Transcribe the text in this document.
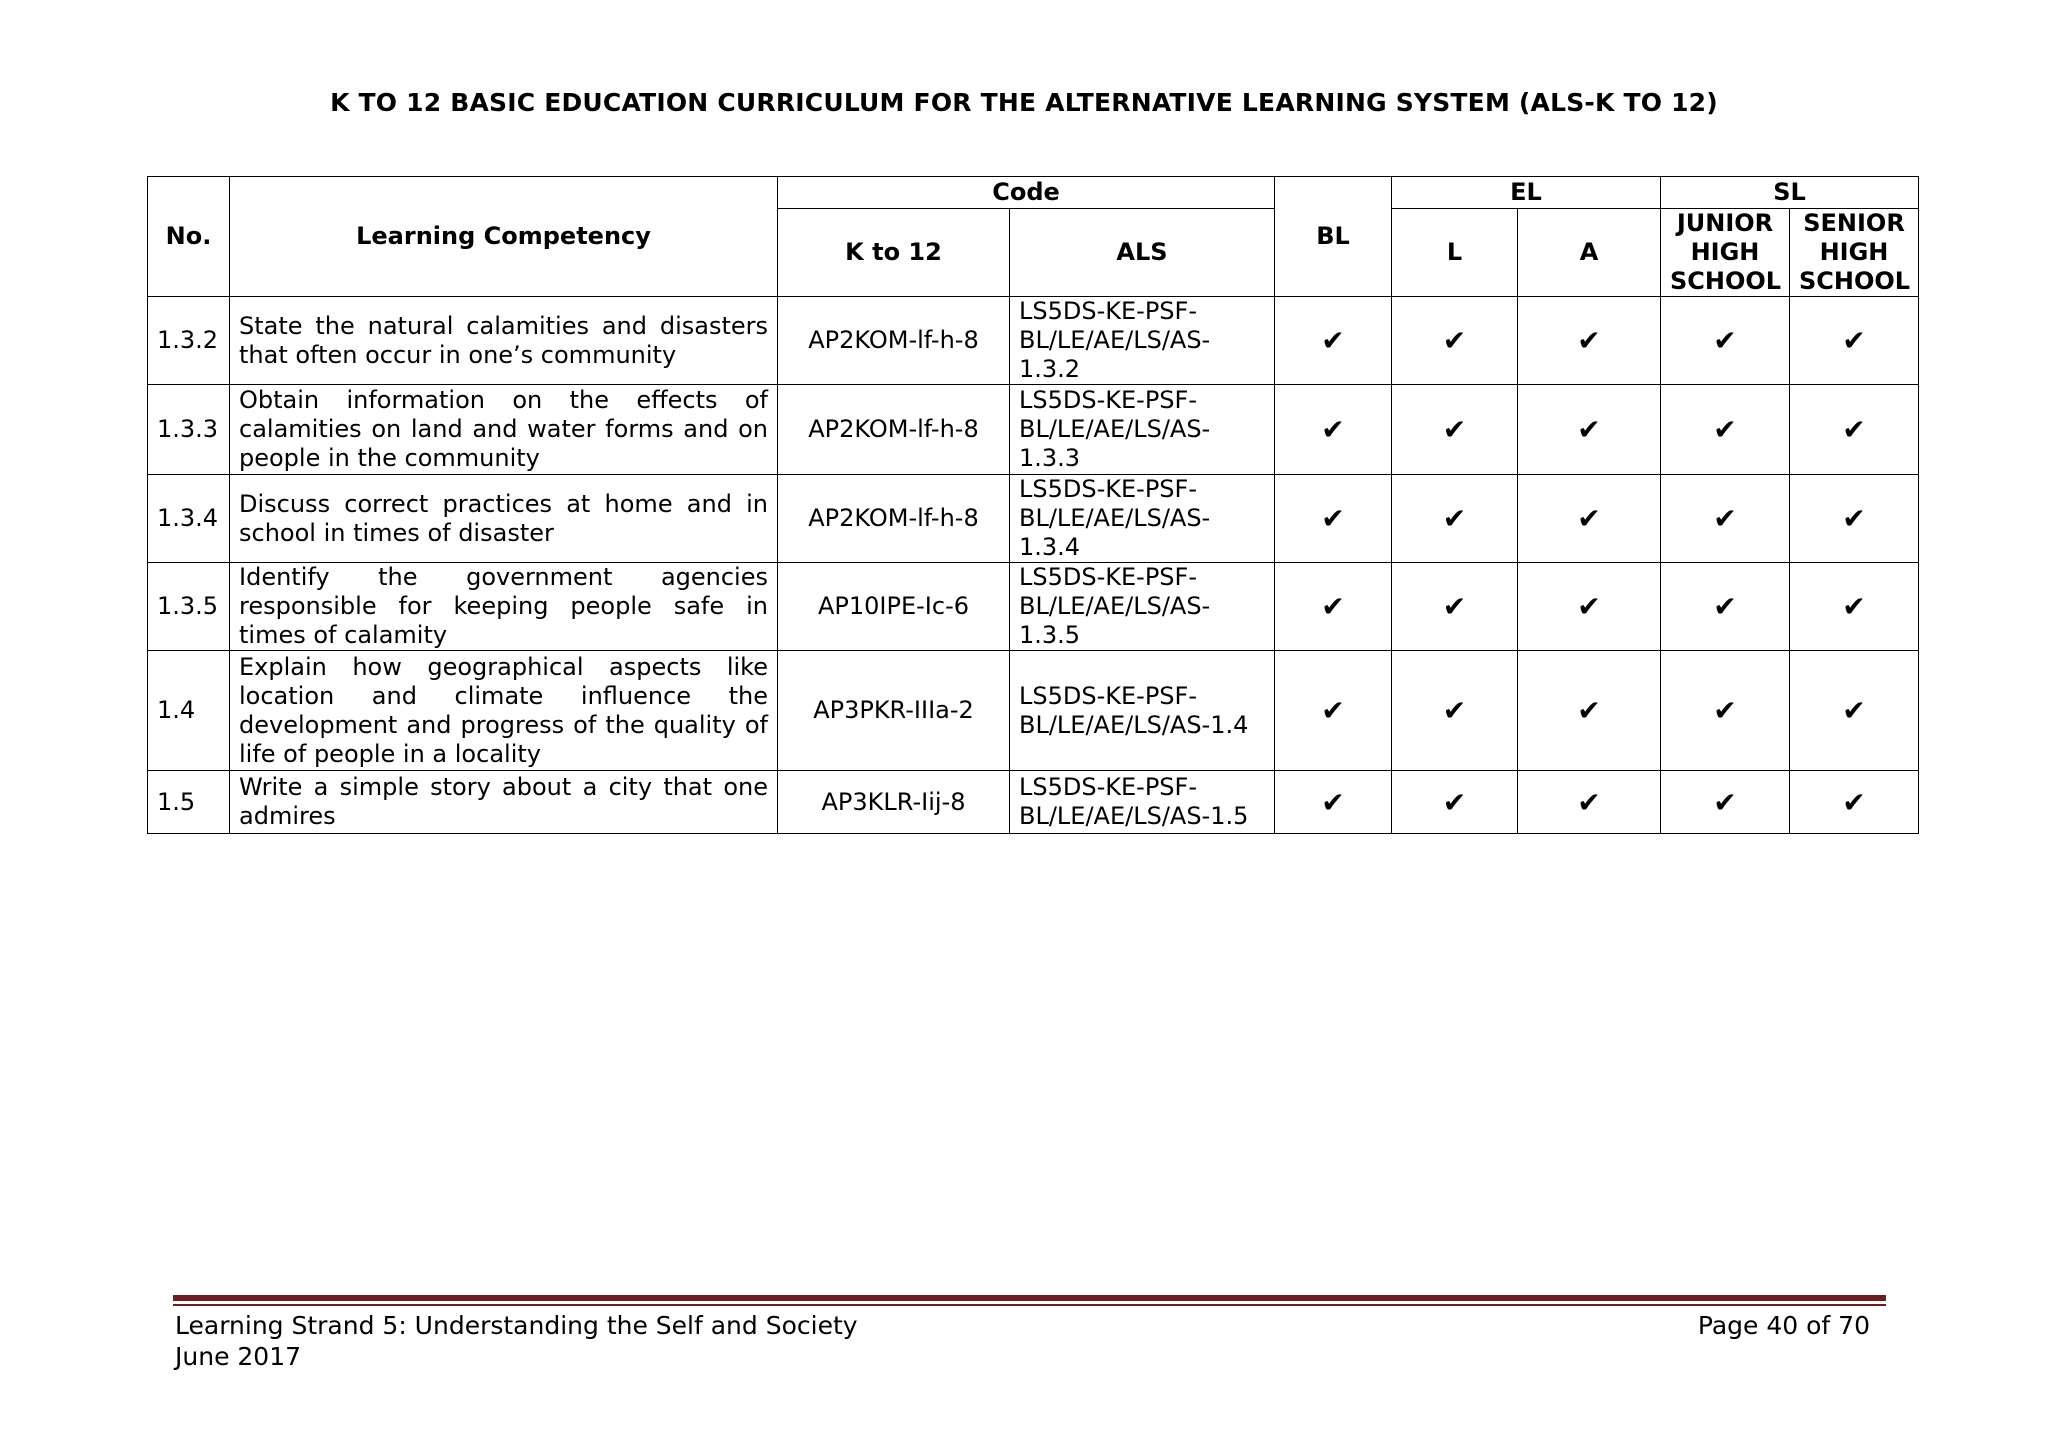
K TO 12 BASIC EDUCATION CURRICULUM FOR THE ALTERNATIVE LEARNING SYSTEM (ALS-K TO 12)
No.	Learning Competency	Code		BL	EL		SL	
		K to 12	ALS		L	A	JUNIOR HIGH SCHOOL	SENIOR HIGH SCHOOL
1.3.2	State the natural calamities and disasters that often occur in one’s community	AP2KOM-lf-h-8	LS5DS-KE-PSF-BL/LE/AE/LS/AS-1.3.2	✔	✔	✔	✔	✔
1.3.3	Obtain information on the effects of calamities on land and water forms and on people in the community	AP2KOM-lf-h-8	LS5DS-KE-PSF-BL/LE/AE/LS/AS-1.3.3	✔	✔	✔	✔	✔
1.3.4	Discuss correct practices at home and in school in times of disaster	AP2KOM-lf-h-8	LS5DS-KE-PSF-BL/LE/AE/LS/AS-1.3.4	✔	✔	✔	✔	✔
1.3.5	Identify the government agencies responsible for keeping people safe in times of calamity	AP10IPE-Ic-6	LS5DS-KE-PSF-BL/LE/AE/LS/AS-1.3.5	✔	✔	✔	✔	✔
1.4	Explain how geographical aspects like location and climate influence the development and progress of the quality of life of people in a locality	AP3PKR-IIIa-2	LS5DS-KE-PSF-BL/LE/AE/LS/AS-1.4	✔	✔	✔	✔	✔
1.5	Write a simple story about a city that one admires	AP3KLR-Iij-8	LS5DS-KE-PSF-BL/LE/AE/LS/AS-1.5	✔	✔	✔	✔	✔
Learning Strand 5: Understanding the Self and Society
June 2017
Page 40 of 70
